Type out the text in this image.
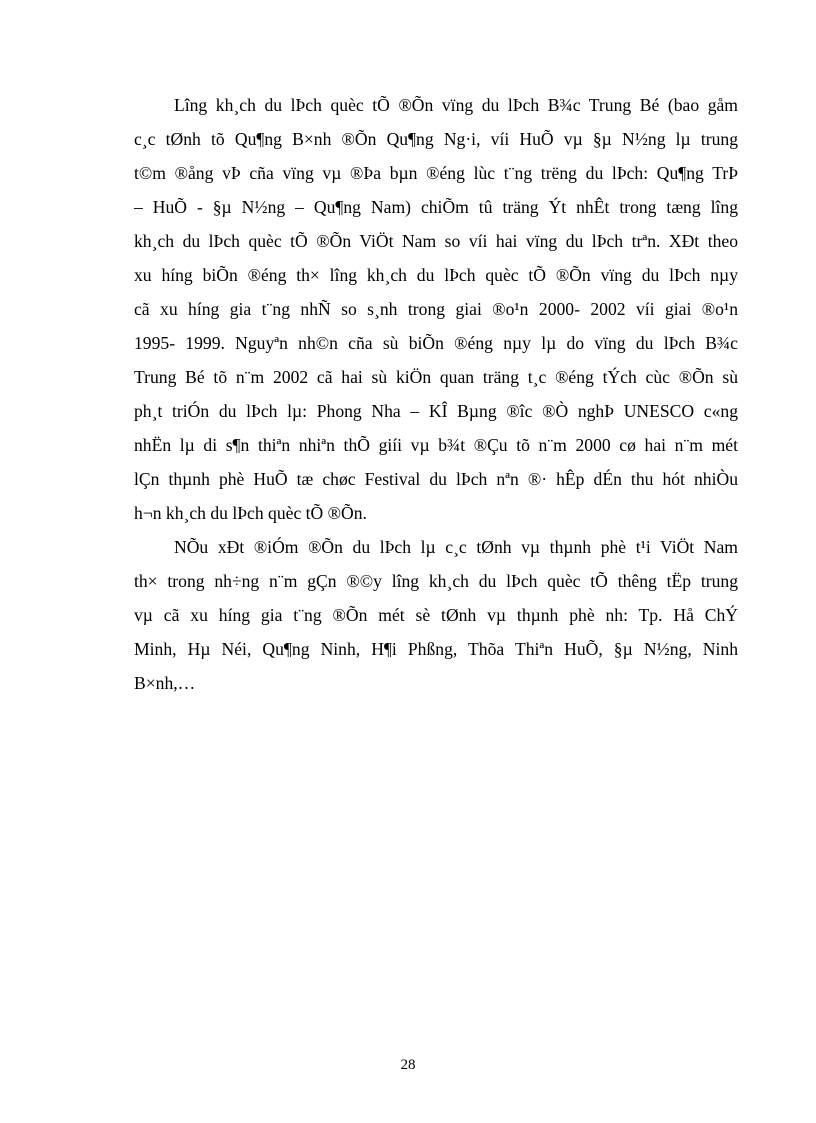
Lîng kh¸ch du lÞch quèc tÕ ®Õn vïng du lÞch B¾c Trung Bé (bao gåm
c¸c tØnh tõ Qu¶ng B×nh ®Õn Qu¶ng Ng·i, víi HuÕ vµ §µ N½ng lµ trung
t©m ®ång vÞ cña vïng vµ ®Þa bµn ®éng lùc t¨ng trëng du lÞch: Qu¶ng TrÞ
– HuÕ - §µ N½ng – Qu¶ng Nam) chiÕm tû träng Ýt nhÊt trong tæng lîng
kh¸ch du lÞch quèc tÕ ®Õn ViÖt Nam so víi hai vïng du lÞch trªn. XÐt theo
xu híng biÕn ®éng th× lîng kh¸ch du lÞch quèc tÕ ®Õn vïng du lÞch nµy
cã xu híng gia t¨ng nhÑ so s¸nh trong giai ®o¹n 2000- 2002 víi giai ®o¹n
1995- 1999. Nguyªn nh©n cña sù biÕn ®éng nµy lµ do vïng du lÞch B¾c
Trung Bé tõ n¨m 2002 cã hai sù kiÖn quan träng t¸c ®éng tÝch cùc ®Õn sù
ph¸t triÓn du lÞch lµ: Phong Nha – KÎ Bµng ®îc ®Ò nghÞ UNESCO c«ng
nhËn lµ di s¶n thiªn nhiªn thÕ giíi vµ b¾t ®Çu tõ n¨m 2000 cø hai n¨m mét
lÇn thµnh phè HuÕ tæ chøc Festival du lÞch nªn ®· hÊp dÉn thu hót nhiÒu
h¬n kh¸ch du lÞch quèc tÕ ®Õn.
NÕu xÐt ®iÓm ®Õn du lÞch lµ c¸c tØnh vµ thµnh phè t¹i ViÖt Nam
th× trong nh÷ng n¨m gÇn ®©y lîng kh¸ch du lÞch quèc tÕ thêng tËp trung
vµ cã xu híng gia t¨ng ®Õn mét sè tØnh vµ thµnh phè nh: Tp. Hå ChÝ
Minh, Hµ Néi, Qu¶ng Ninh, H¶i Phßng, Thõa Thiªn HuÕ, §µ N½ng, Ninh
B×nh,…
28
